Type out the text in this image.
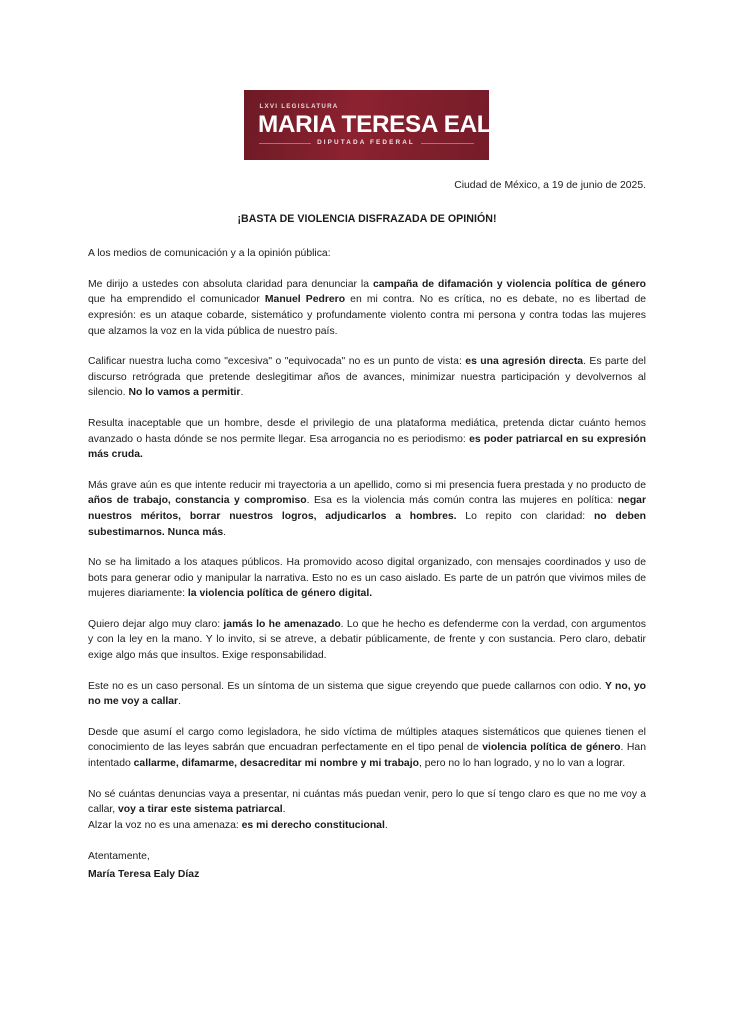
LXVI LEGISLATURA
MARIA TERESA EALY DIAZ
DIPUTADA FEDERAL
Ciudad de México, a 19 de junio de 2025.
¡BASTA DE VIOLENCIA DISFRAZADA DE OPINIÓN!
A los medios de comunicación y a la opinión pública:

Me dirijo a ustedes con absoluta claridad para denunciar la campaña de difamación y violencia política de género que ha emprendido el comunicador Manuel Pedrero en mi contra. No es crítica, no es debate, no es libertad de expresión: es un ataque cobarde, sistemático y profundamente violento contra mi persona y contra todas las mujeres que alzamos la voz en la vida pública de nuestro país.

Calificar nuestra lucha como "excesiva" o "equivocada" no es un punto de vista: es una agresión directa. Es parte del discurso retrógrada que pretende deslegitimar años de avances, minimizar nuestra participación y devolvernos al silencio. No lo vamos a permitir.

Resulta inaceptable que un hombre, desde el privilegio de una plataforma mediática, pretenda dictar cuánto hemos avanzado o hasta dónde se nos permite llegar. Esa arrogancia no es periodismo: es poder patriarcal en su expresión más cruda.

Más grave aún es que intente reducir mi trayectoria a un apellido, como si mi presencia fuera prestada y no producto de años de trabajo, constancia y compromiso. Esa es la violencia más común contra las mujeres en política: negar nuestros méritos, borrar nuestros logros, adjudicarlos a hombres. Lo repito con claridad: no deben subestimarnos. Nunca más.

No se ha limitado a los ataques públicos. Ha promovido acoso digital organizado, con mensajes coordinados y uso de bots para generar odio y manipular la narrativa. Esto no es un caso aislado. Es parte de un patrón que vivimos miles de mujeres diariamente: la violencia política de género digital.

Quiero dejar algo muy claro: jamás lo he amenazado. Lo que he hecho es defenderme con la verdad, con argumentos y con la ley en la mano. Y lo invito, si se atreve, a debatir públicamente, de frente y con sustancia. Pero claro, debatir exige algo más que insultos. Exige responsabilidad.

Este no es un caso personal. Es un síntoma de un sistema que sigue creyendo que puede callarnos con odio. Y no, yo no me voy a callar.

Desde que asumí el cargo como legisladora, he sido víctima de múltiples ataques sistemáticos que quienes tienen el conocimiento de las leyes sabrán que encuadran perfectamente en el tipo penal de violencia política de género. Han intentado callarme, difamarme, desacreditar mi nombre y mi trabajo, pero no lo han logrado, y no lo van a lograr.

No sé cuántas denuncias vaya a presentar, ni cuántas más puedan venir, pero lo que sí tengo claro es que no me voy a callar, voy a tirar este sistema patriarcal.

Alzar la voz no es una amenaza: es mi derecho constitucional.

Atentamente,

María Teresa Ealy Díaz
